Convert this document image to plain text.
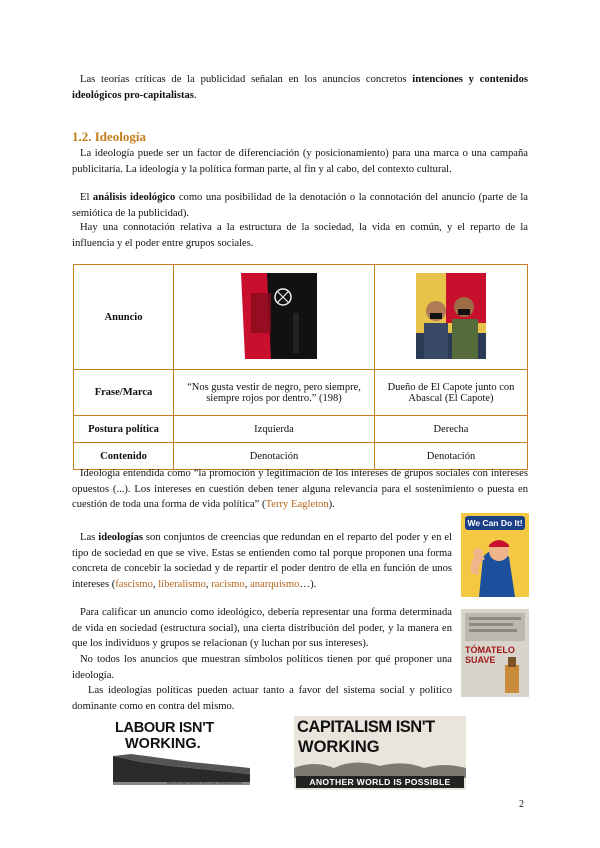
Las teorías críticas de la publicidad señalan en los anuncios concretos intenciones y contenidos ideológicos pro-capitalistas.

1.2. Ideología

La ideología puede ser un factor de diferenciación (y posicionamiento) para una marca o una campaña publicitaria. La ideología y la política forman parte, al fin y al cabo, del contexto cultural.

El análisis ideológico como una posibilidad de la denotación o la connotación del anuncio (parte de la semiótica de la publicidad).

Hay una connotación relativa a la estructura de la sociedad, la vida en común, y el reparto de la influencia y el poder entre grupos sociales.

Anuncio		
Frase/Marca	“Nos gusta vestir de negro, pero siempre, siempre rojos por dentro.” (198)	Dueño de El Capote junto con Abascal (El Capote)
Postura política	Izquierda	Derecha
Contenido	Denotación	Denotación

Ideología entendida como “la promoción y legitimación de los intereses de grupos sociales con intereses opuestos (...). Los intereses en cuestión deben tener alguna relevancia para el sostenimiento o puesta en cuestión de toda una forma de vida política” (Terry Eagleton).

Las ideologías son conjuntos de creencias que redundan en el reparto del poder y en el tipo de sociedad en que se vive. Estas se entienden como tal porque proponen una forma concreta de concebir la sociedad y de repartir el poder dentro de ella en función de unos intereses (fascismo, liberalismo, racismo, anarquismo…).

We Can Do It!

Para calificar un anuncio como ideológico, debería representar una forma determinada de vida en sociedad (estructura social), una cierta distribución del poder, y la manera en que los individuos y grupos se relacionan (y luchan por sus intereses).

No todos los anuncios que muestran símbolos políticos tienen por qué proponer una ideología.

Las ideologías políticas pueden actuar tanto a favor del sistema social y político dominante como en contra del mismo.

TÓMATELO SUAVE
LABOUR ISN'T
WORKING.
BRITAIN'S BETTER OFF WITH THE CONSERVATIVES
CAPITALISM ISN'T
WORKING
ANOTHER WORLD IS POSSIBLE
2
